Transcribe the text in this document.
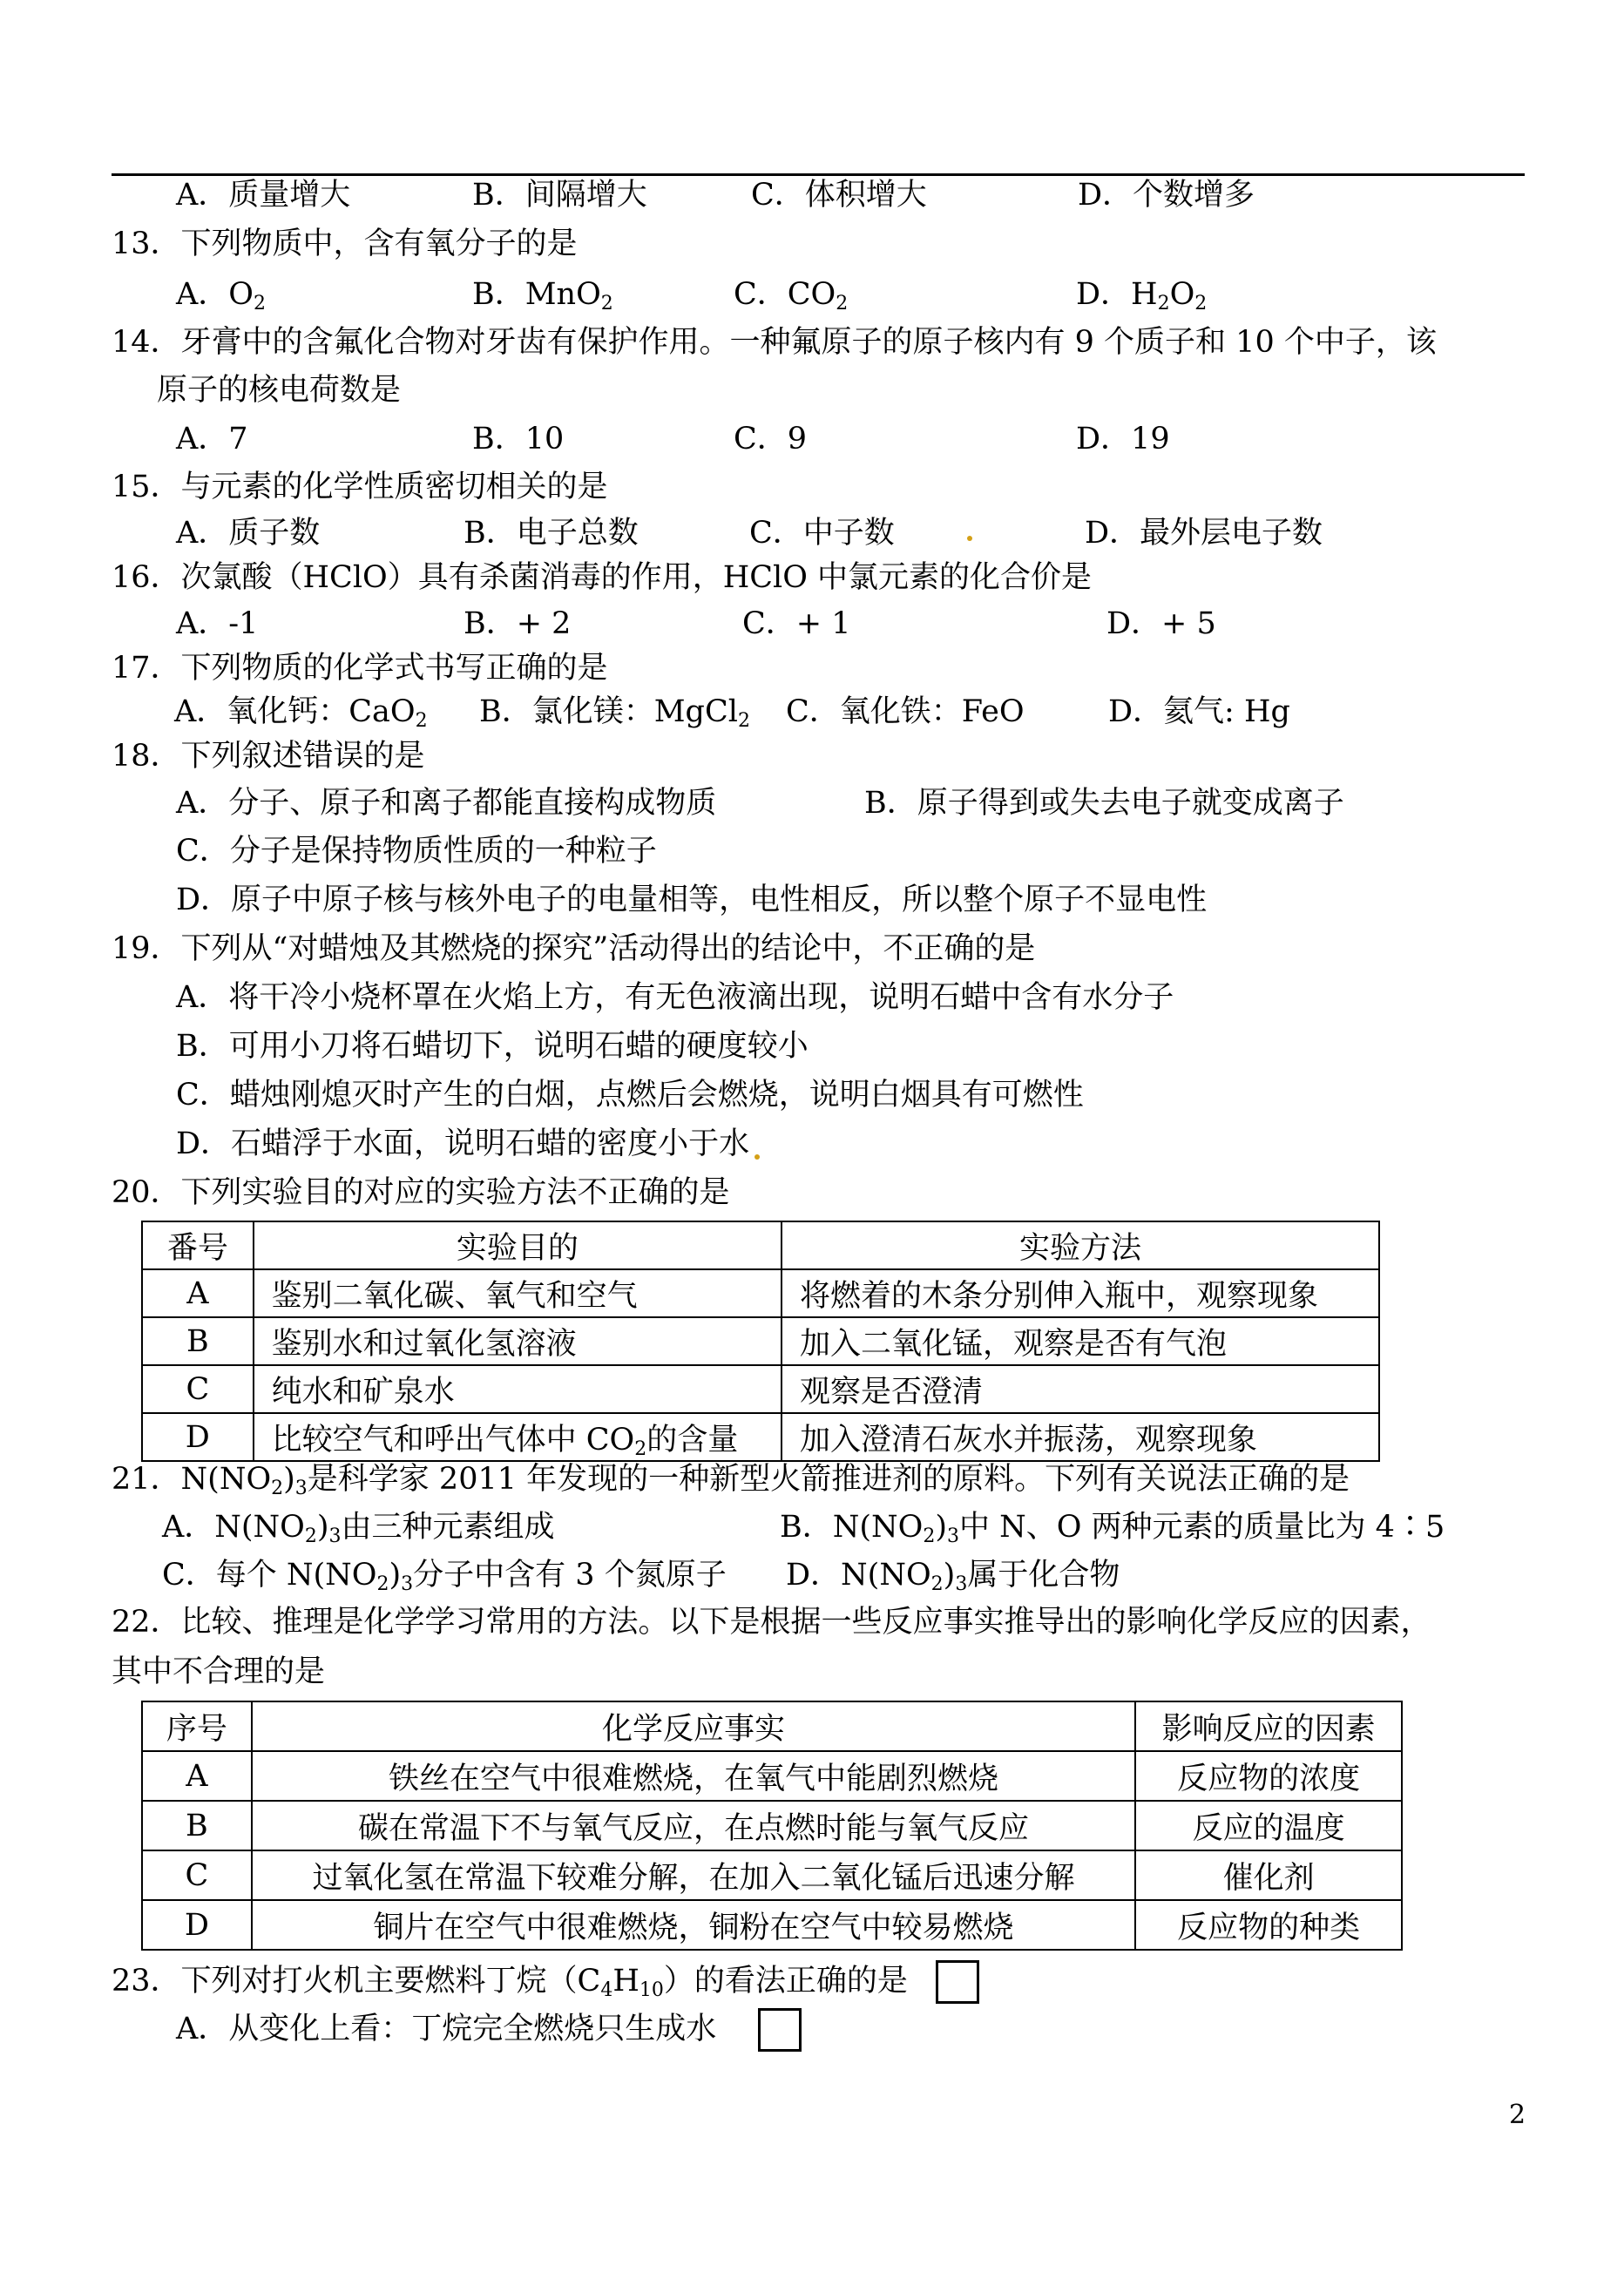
A．质量增大	B．间隔增大	C．体积增大	D．个数增多
13．下列物质中，含有氧分子的是
A．$O_2$	B．MnO$_2$	C．$CO_2$	D．$H_2O_2$
14．牙膏中的含氟化合物对牙齿有保护作用。一种氟原子的原子核内有 9 个质子和 10 个中子，该
原子的核电荷数是
A．7	B．10	C．9	D．19
15．与元素的化学性质密切相关的是
A．质子数	B．电子总数	C．中子数	D．最外层电子数
16．次氯酸（HClO）具有杀菌消毒的作用，HClO 中氯元素的化合价是
A．-1	B．+ 2	C．+ 1	D．+ 5
17．下列物质的化学式书写正确的是
A．氧化钙：CaO$_2$ B．氯化镁：MgCl$_2$ C．氧化铁：FeO	D．氦气: Hg
18．下列叙述错误的是
A．分子、原子和离子都能直接构成物质	B．原子得到或失去电子就变成离子
C．分子是保持物质性质的一种粒子
D．原子中原子核与核外电子的电量相等，电性相反，所以整个原子不显电性
19．下列从“对蜡烛及其燃烧的探究”活动得出的结论中，不正确的是
A．将干冷小烧杯罩在火焰上方，有无色液滴出现，说明石蜡中含有水分子
B．可用小刀将石蜡切下，说明石蜡的硬度较小
C．蜡烛刚熄灭时产生的白烟，点燃后会燃烧，说明白烟具有可燃性
D．石蜡浮于水面，说明石蜡的密度小于水
20．下列实验目的对应的实验方法不正确的是
番号	实验目的	实验方法
A	鉴别二氧化碳、氧气和空气	将燃着的木条分别伸入瓶中，观察现象
B	鉴别水和过氧化氢溶液	加入二氧化锰，观察是否有气泡
C	纯水和矿泉水	观察是否澄清
D	比较空气和呼出气体中 $CO_2$的含量	加入澄清石灰水并振荡，观察现象
21．$N(NO_2)_3$是科学家 2011 年发现的一种新型火箭推进剂的原料。下列有关说法正确的是
A．$N(NO_2)_3$由三种元素组成	B．$N(NO_2)_3$中 N、O 两种元素的质量比为 4∶5
C．每个 $N(NO_2)_3$分子中含有 3 个氮原子 D．$N(NO_2)_3$属于化合物
22．比较、推理是化学学习常用的方法。以下是根据一些反应事实推导出的影响化学反应的因素，
其中不合理的是
序号	化学反应事实	影响反应的因素
A	铁丝在空气中很难燃烧，在氧气中能剧烈燃烧	反应物的浓度
B	碳在常温下不与氧气反应，在点燃时能与氧气反应	反应的温度
C	过氧化氢在常温下较难分解，在加入二氧化锰后迅速分解	催化剂
D	铜片在空气中很难燃烧，铜粉在空气中较易燃烧	反应物的种类
23．下列对打火机主要燃料丁烷$(C_4H_{10})$的看法正确的是
A．从变化上看：丁烷完全燃烧只生成水
2
